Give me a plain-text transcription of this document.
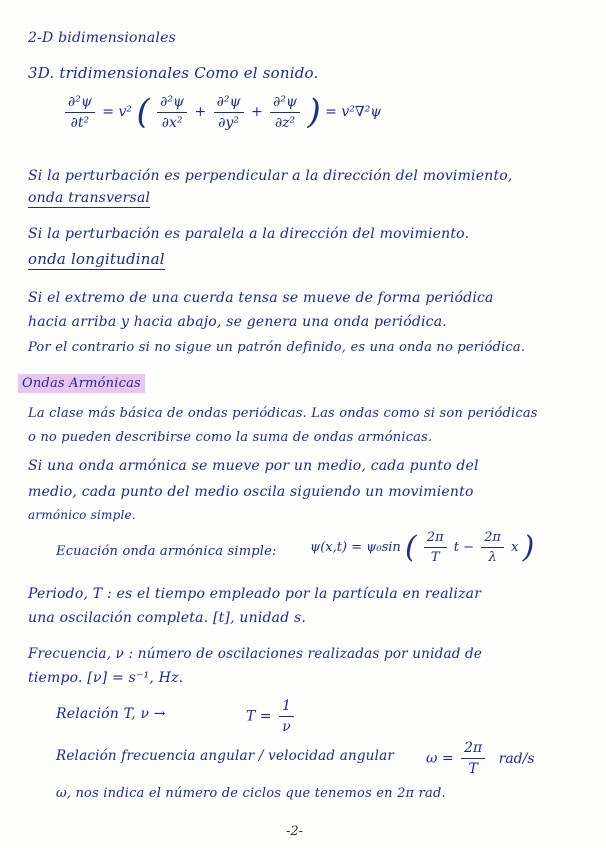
2-D bidimensionales
3D. tridimensionales Como el sonido.
$\frac{\text{∂²ψ}}{\text{∂t²}} = v^2$ ( $\frac{\text{∂²ψ}}{\text{∂x²}} + \frac{\text{∂²ψ}}{\text{∂y²}} + \frac{\text{∂²ψ}}{\text{∂z²}}$ ) = v²∇²ψ
Si la perturbación es perpendicular a la dirección del movimiento,
onda transversal
Si la perturbación es paralela a la dirección del movimiento.
onda longitudinal
Si el extremo de una cuerda tensa se mueve de forma periódica
hacia arriba y hacia abajo, se genera una onda periódica.
Por el contrario si no sigue un patrón definido, es una onda no periódica.
Ondas Armónicas
La clase más básica de ondas periódicas. Las ondas como si son periódicas
o no pueden describirse como la suma de ondas armónicas.
Si una onda armónica se mueve por un medio, cada punto del
medio, cada punto del medio oscila siguiendo un movimiento
armónico simple.
Ecuación onda armónica simple:	ψ(x,t) = ψ₀sin ( $\frac{2\pi}{T}$ $t - \frac{2\pi}{\lambda}$ x )
Periodo, T : es el tiempo empleado por la partícula en realizar
una oscilación completa. [t], unidad s.
Frecuencia, ν : número de oscilaciones realizadas por unidad de
tiempo. [ν] = s⁻¹, Hz.
Relación T, ν →	$T = \frac{1}{\nu}$
Relación frecuencia angular / velocidad angular $\omega = \frac{2\pi}{T} rad/s$
ω, nos indica el número de ciclos que tenemos en 2π rad.
-2-
